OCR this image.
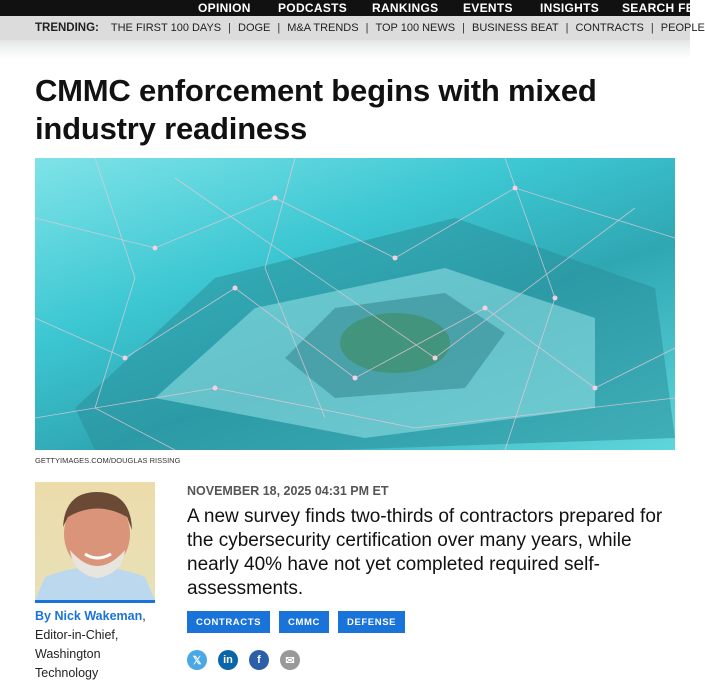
OPINION PODCASTS RANKINGS EVENTS INSIGHTS SEARCH FE
TRENDING: THE FIRST 100 DAYS | DOGE | M&A TRENDS | TOP 100 NEWS | BUSINESS BEAT | CONTRACTS | PEOPLE
CMMC enforcement begins with mixed industry readiness
GETTYIMAGES.COM/DOUGLAS RISSING
By Nick Wakeman,
Editor-in-Chief,
Washington
Technology
NOVEMBER 18, 2025 04:31 PM ET
A new survey finds two-thirds of contractors prepared for the cybersecurity certification over many years, while nearly 40% have not yet completed required self-assessments.
CONTRACTS	CMMC	DEFENSE
𝕏	in	f	✉
